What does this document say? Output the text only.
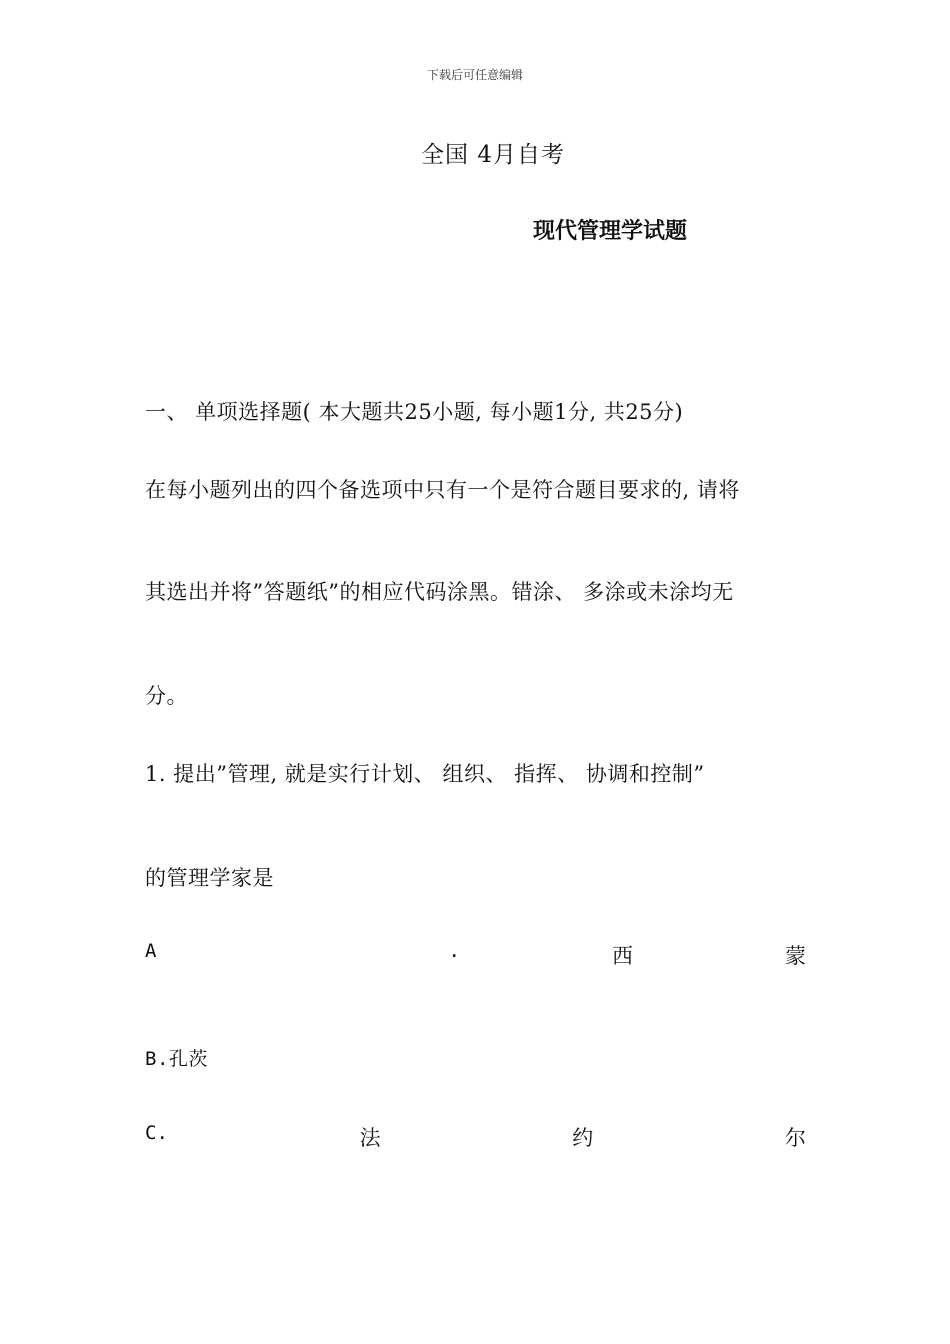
下载后可任意编辑
全国 4月自考
现代管理学试题
一、 单项选择题( 本大题共25小题, 每小题1分, 共25分)
在每小题列出的四个备选项中只有一个是符合题目要求的, 请将
其选出并将”答题纸”的相应代码涂黑。错涂、 多涂或未涂均无
分。
1. 提出”管理, 就是实行计划、 组织、 指挥、 协调和控制”
的管理学家是
A	.	西	蒙
B.孔茨
C.	法	约	尔
